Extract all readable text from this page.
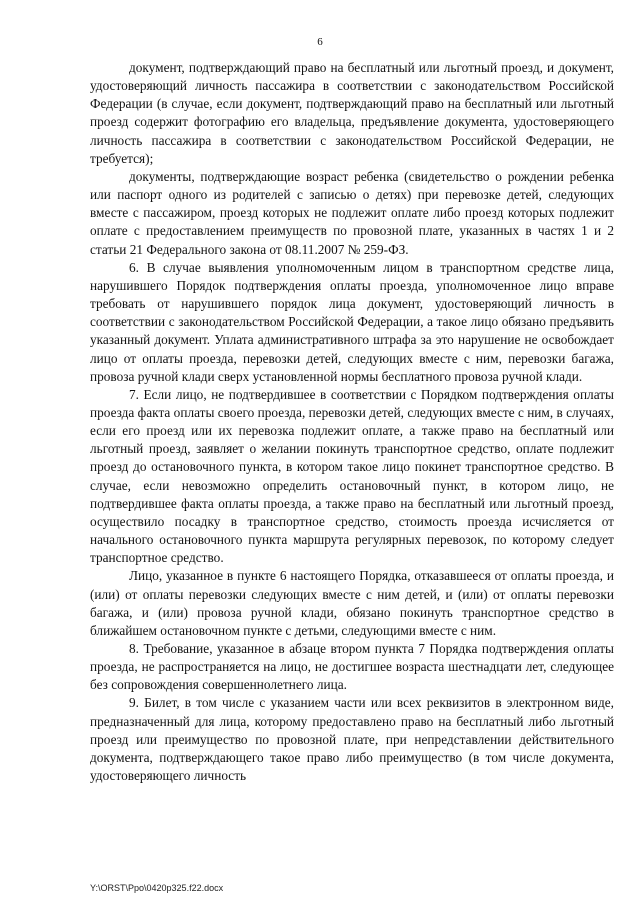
6

документ, подтверждающий право на бесплатный или льготный проезд, и документ, удостоверяющий личность пассажира в соответствии с законодательством Российской Федерации (в случае, если документ, подтверждающий право на бесплатный или льготный проезд содержит фотографию его владельца, предъявление документа, удостоверяющего личность пассажира в соответствии с законодательством Российской Федерации, не требуется);

документы, подтверждающие возраст ребенка (свидетельство о рождении ребенка или паспорт одного из родителей с записью о детях) при перевозке детей, следующих вместе с пассажиром, проезд которых не подлежит оплате либо проезд которых подлежит оплате с предоставлением преимуществ по провозной плате, указанных в частях 1 и 2 статьи 21 Федерального закона от 08.11.2007 № 259-ФЗ.

6. В случае выявления уполномоченным лицом в транспортном средстве лица, нарушившего Порядок подтверждения оплаты проезда, уполномоченное лицо вправе требовать от нарушившего порядок лица документ, удостоверяющий личность в соответствии с законодательством Российской Федерации, а такое лицо обязано предъявить указанный документ. Уплата административного штрафа за это нарушение не освобождает лицо от оплаты проезда, перевозки детей, следующих вместе с ним, перевозки багажа, провоза ручной клади сверх установленной нормы бесплатного провоза ручной клади.

7. Если лицо, не подтвердившее в соответствии с Порядком подтверждения оплаты проезда факта оплаты своего проезда, перевозки детей, следующих вместе с ним, в случаях, если его проезд или их перевозка подлежит оплате, а также право на бесплатный или льготный проезд, заявляет о желании покинуть транспортное средство, оплате подлежит проезд до остановочного пункта, в котором такое лицо покинет транспортное средство. В случае, если невозможно определить остановочный пункт, в котором лицо, не подтвердившее факта оплаты проезда, а также право на бесплатный или льготный проезд, осуществило посадку в транспортное средство, стоимость проезда исчисляется от начального остановочного пункта маршрута регулярных перевозок, по которому следует транспортное средство.

Лицо, указанное в пункте 6 настоящего Порядка, отказавшееся от оплаты проезда, и (или) от оплаты перевозки следующих вместе с ним детей, и (или) от оплаты перевозки багажа, и (или) провоза ручной клади, обязано покинуть транспортное средство в ближайшем остановочном пункте с детьми, следующими вместе с ним.

8. Требование, указанное в абзаце втором пункта 7 Порядка подтверждения оплаты проезда, не распространяется на лицо, не достигшее возраста шестнадцати лет, следующее без сопровождения совершеннолетнего лица.

9. Билет, в том числе с указанием части или всех реквизитов в электронном виде, предназначенный для лица, которому предоставлено право на бесплатный либо льготный проезд или преимущество по провозной плате, при непредставлении действительного документа, подтверждающего такое право либо преимущество (в том числе документа, удостоверяющего личность

Y:\ORST\Ppo\0420p325.f22.docx
